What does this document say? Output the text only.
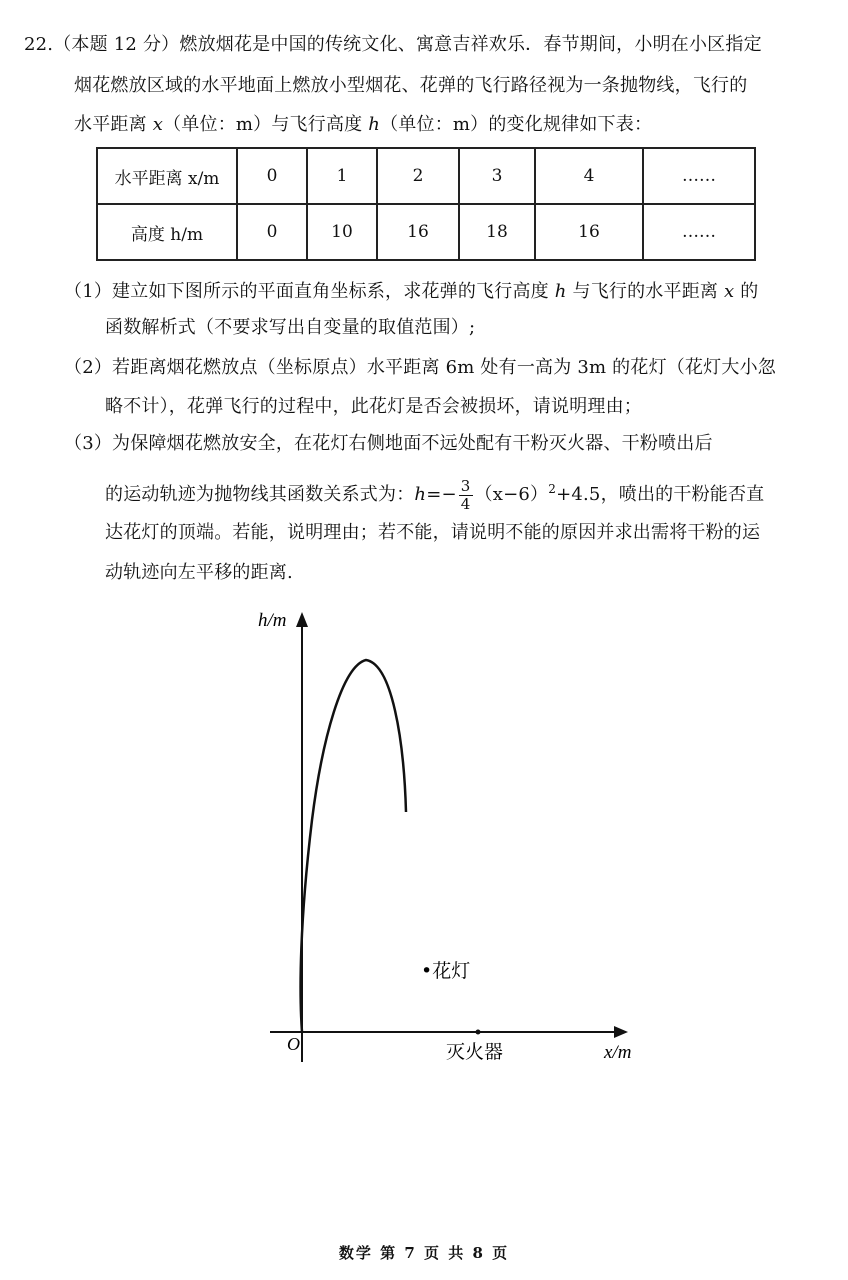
22.（本题 12 分）燃放烟花是中国的传统文化、寓意吉祥欢乐．春节期间，小明在小区指定
烟花燃放区域的水平地面上燃放小型烟花、花弹的飞行路径视为一条抛物线，飞行的
水平距离 x（单位：m）与飞行高度 h（单位：m）的变化规律如下表：
水平距离 x/m	0	1	2	3	4	……
高度 h/m	0	10	16	18	16	……
（1）建立如下图所示的平面直角坐标系，求花弹的飞行高度 h 与飞行的水平距离 x 的
函数解析式（不要求写出自变量的取值范围）;
（2）若距离烟花燃放点（坐标原点）水平距离 6m 处有一高为 3m 的花灯（花灯大小忽
略不计），花弹飞行的过程中，此花灯是否会被损坏，请说明理由；
（3）为保障烟花燃放安全，在花灯右侧地面不远处配有干粉灭火器、干粉喷出后
的运动轨迹为抛物线其函数关系式为：$h=- \frac{3}{4} (x-6)^2+4.5$，喷出的干粉能否直
达花灯的顶端。若能，说明理由；若不能，请说明不能的原因并求出需将干粉的运
动轨迹向左平移的距离.
h/m
x/m
O
•花灯
灭火器
数学 第 7 页 共 8 页
